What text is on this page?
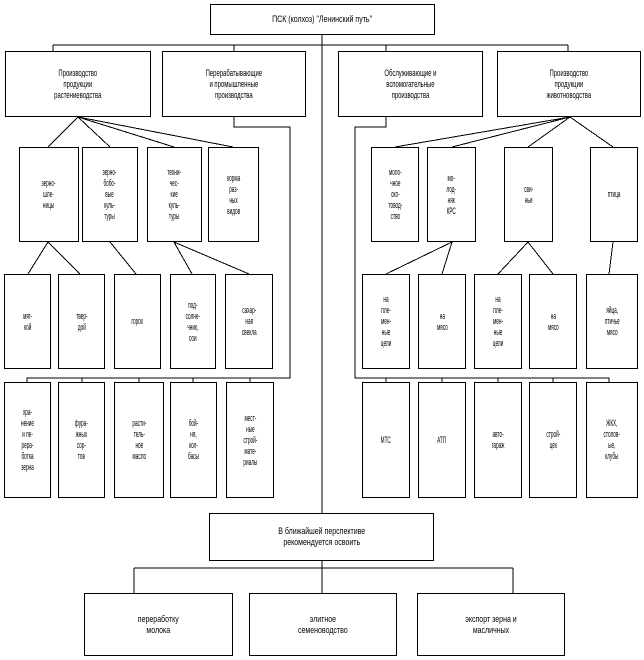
ПСК (колхоз) "Ленинский путь"
Производство
продукции
растениеводства
Перерабатывающие
и промышленные
производства
Обслуживающие и
вспомогательные
производства
Производство
продукции
животноводства
зерно-
шле-
ницы
зерно-
бобо-
вые
куль-
туры
техни-
чес-
кие
куль-
туры
корма
раз-
ных
видов
мяг-
кой
твер-
дой
горох
под-
солне-
чник,
сои
сахар-
ная
свекла
хра-
нение
и пе-
рера-
ботка
зерна
фура-
жных
сор-
тов
расти-
тель-
ное
масло
бой-
ня,
кол-
басы
мест-
ные
строй-
мате-
риалы
моло-
чное
ско-
товод-
ство
мо-
лод-
няк
КРС
сви-
ньи
птица
на
пле-
мен-
ные
цели
на
мясо
на
пле-
мен-
ные
цели
на
мясо
яйца,
птичье
мясо
МТС	АТП
авто-
гараж
строй-
цех
ЖКХ,
столов-
ые,
клубы
В ближайшей перспективе
рекомендуется освоить
переработку
молока
элитное
семеноводство
экспорт зерна и
масличных
